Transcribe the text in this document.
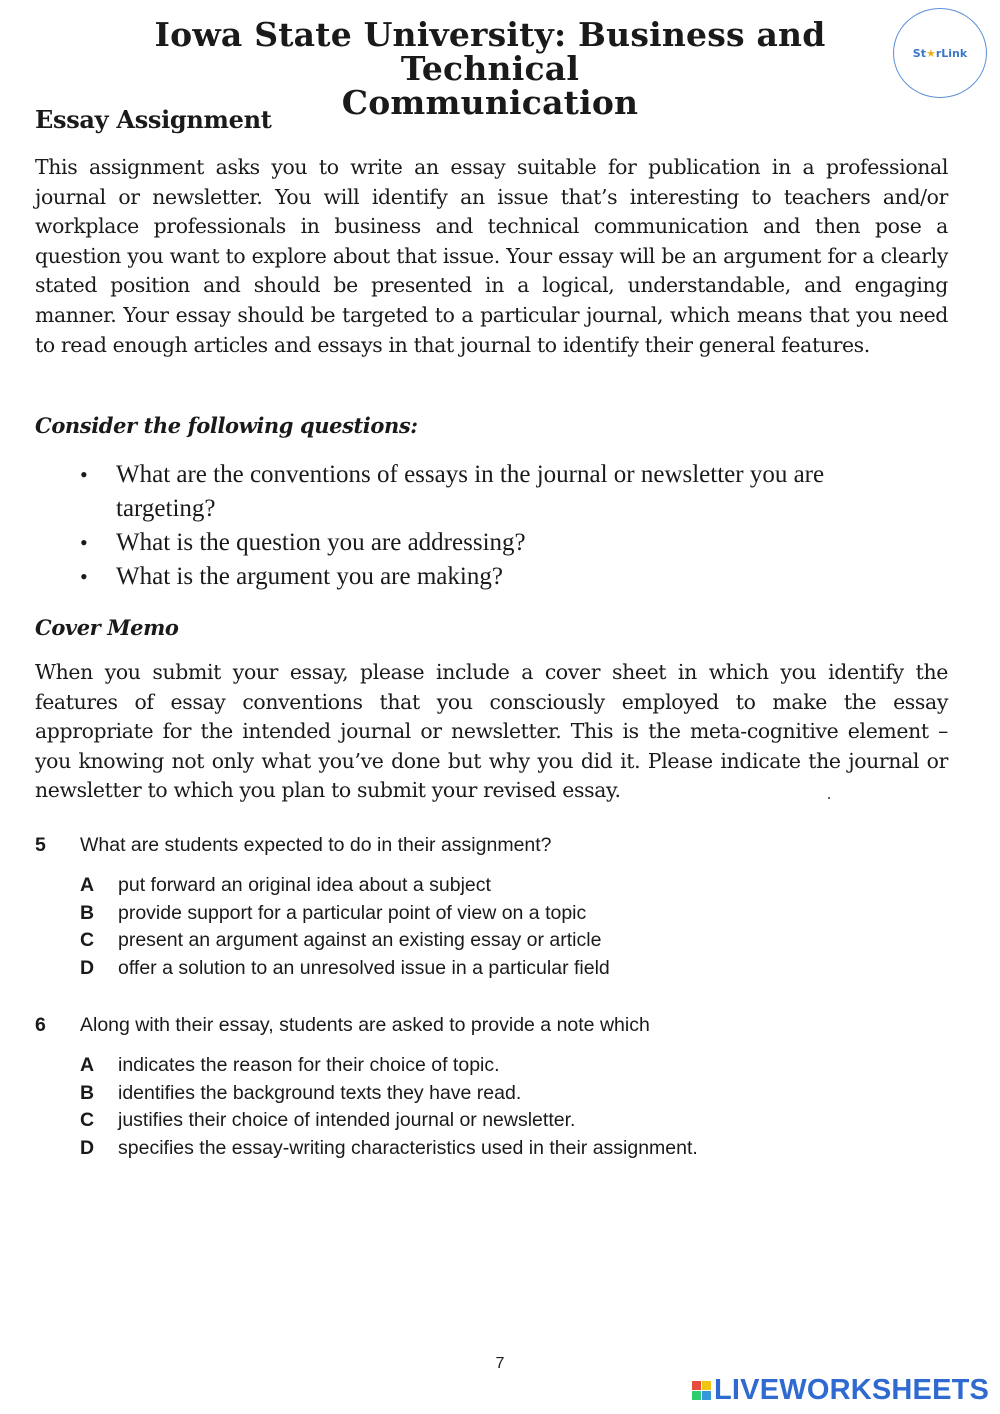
Iowa State University: Business and Technical
Communication
St★rLink
Essay Assignment
This assignment asks you to write an essay suitable for publication in a professional journal or newsletter. You will identify an issue that’s interesting to teachers and/or workplace professionals in business and technical communication and then pose a question you want to explore about that issue. Your essay will be an argument for a clearly stated position and should be presented in a logical, understandable, and engaging manner. Your essay should be targeted to a particular journal, which means that you need to read enough articles and essays in that journal to identify their general features.
Consider the following questions:
• What are the conventions of essays in the journal or newsletter you are targeting?
• What is the question you are addressing?
• What is the argument you are making?
Cover Memo
When you submit your essay, please include a cover sheet in which you identify the features of essay conventions that you consciously employed to make the essay appropriate for the intended journal or newsletter. This is the meta-cognitive element – you knowing not only what you’ve done but why you did it. Please indicate the journal or newsletter to which you plan to submit your revised essay.
5 What are students expected to do in their assignment?
A put forward an original idea about a subject
B provide support for a particular point of view on a topic
C present an argument against an existing essay or article
D offer a solution to an unresolved issue in a particular field
6 Along with their essay, students are asked to provide a note which
A indicates the reason for their choice of topic.
B identifies the background texts they have read.
C justifies their choice of intended journal or newsletter.
D specifies the essay-writing characteristics used in their assignment.
7
LIVEWORKSHEETS
